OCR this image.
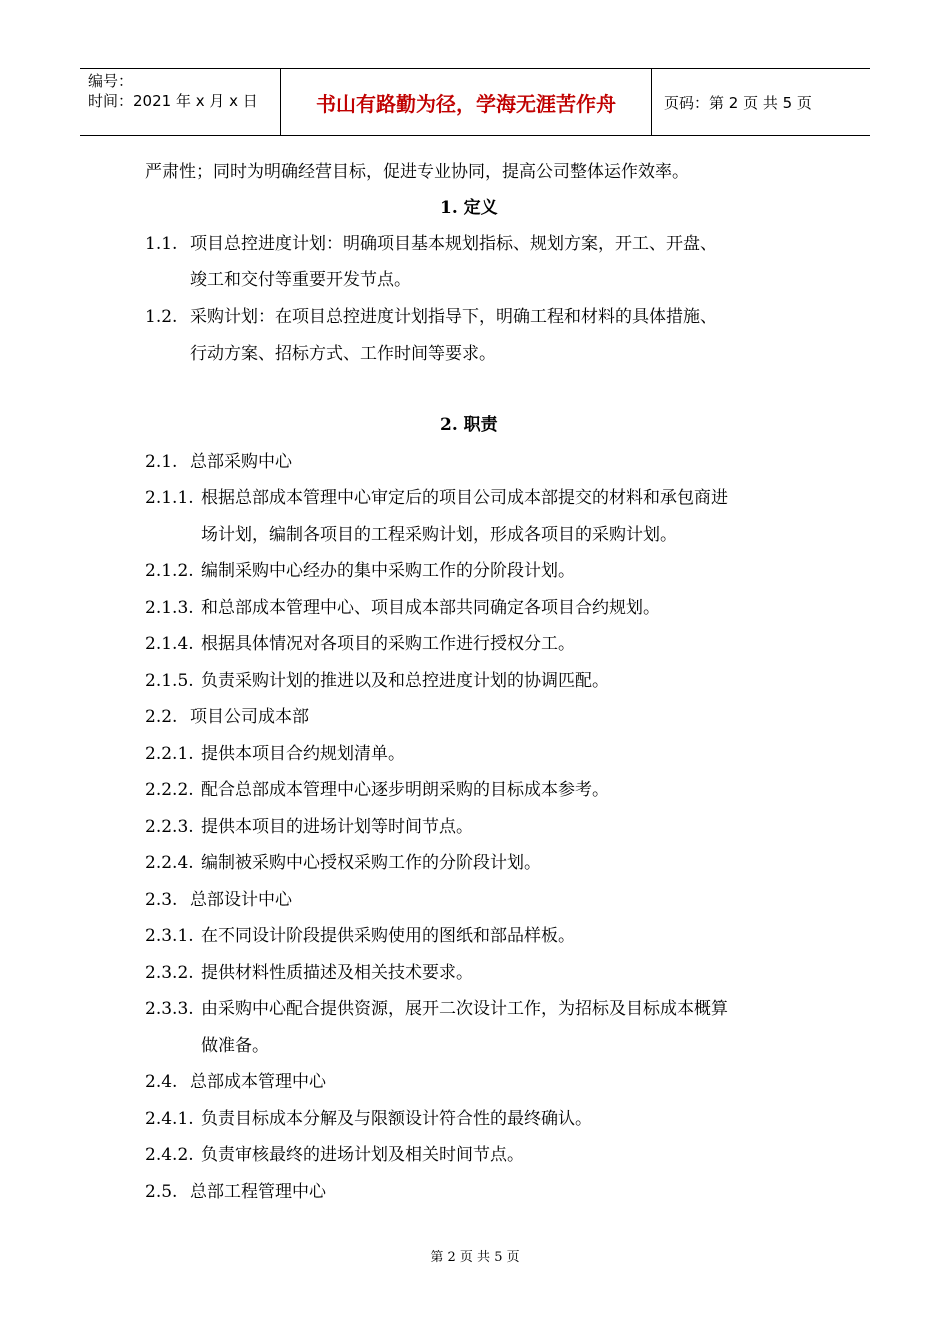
编号：
时间：2021 年 x 月 x 日	书山有路勤为径，学海无涯苦作舟	页码：第 2 页 共 5 页
严肃性；同时为明确经营目标，促进专业协同，提高公司整体运作效率。
1. 定义
1.1. 项目总控进度计划：明确项目基本规划指标、规划方案，开工、开盘、
竣工和交付等重要开发节点。
1.2. 采购计划：在项目总控进度计划指导下，明确工程和材料的具体措施、
行动方案、招标方式、工作时间等要求。
2. 职责
2.1. 总部采购中心
2.1.1. 根据总部成本管理中心审定后的项目公司成本部提交的材料和承包商进
场计划，编制各项目的工程采购计划，形成各项目的采购计划。
2.1.2. 编制采购中心经办的集中采购工作的分阶段计划。
2.1.3. 和总部成本管理中心、项目成本部共同确定各项目合约规划。
2.1.4. 根据具体情况对各项目的采购工作进行授权分工。
2.1.5. 负责采购计划的推进以及和总控进度计划的协调匹配。
2.2. 项目公司成本部
2.2.1. 提供本项目合约规划清单。
2.2.2. 配合总部成本管理中心逐步明朗采购的目标成本参考。
2.2.3. 提供本项目的进场计划等时间节点。
2.2.4. 编制被采购中心授权采购工作的分阶段计划。
2.3. 总部设计中心
2.3.1. 在不同设计阶段提供采购使用的图纸和部品样板。
2.3.2. 提供材料性质描述及相关技术要求。
2.3.3. 由采购中心配合提供资源，展开二次设计工作，为招标及目标成本概算
做准备。
2.4. 总部成本管理中心
2.4.1. 负责目标成本分解及与限额设计符合性的最终确认。
2.4.2. 负责审核最终的进场计划及相关时间节点。
2.5. 总部工程管理中心
第 2 页 共 5 页
